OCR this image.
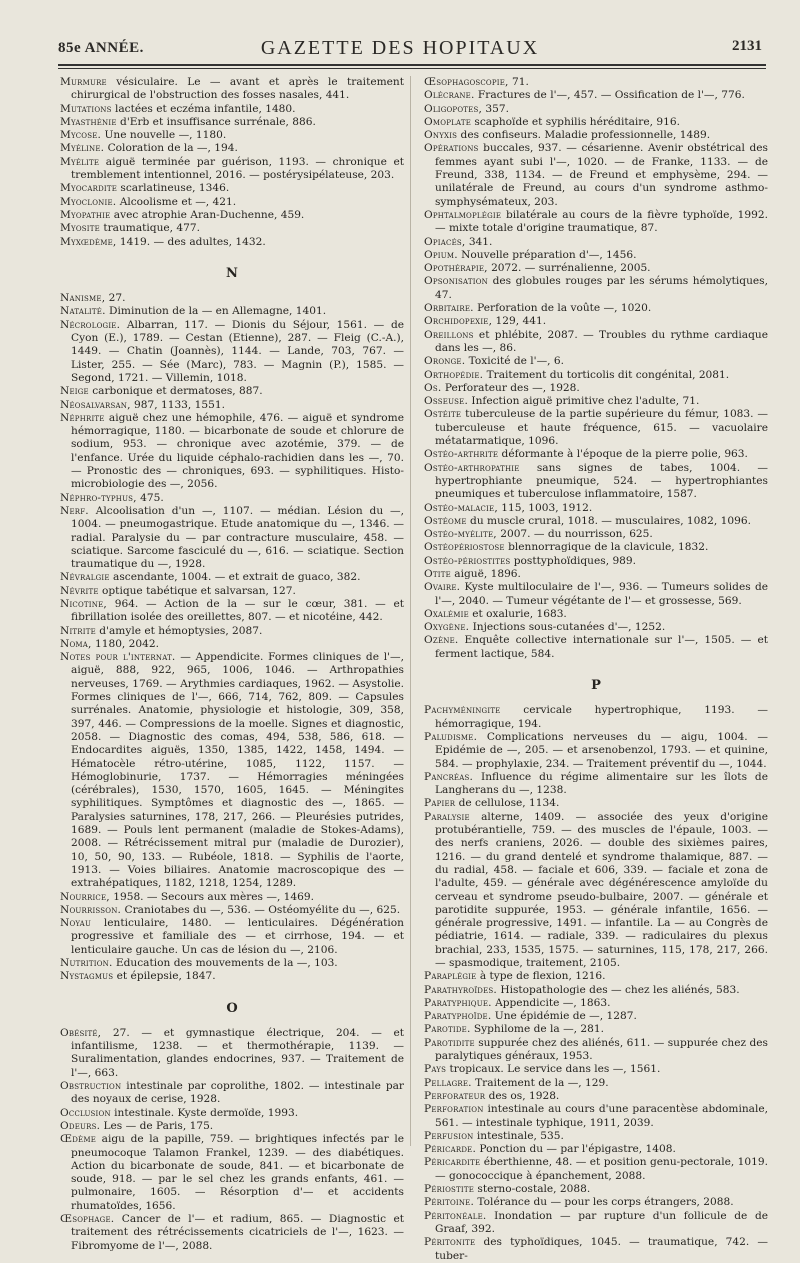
85e ANNÉE.	GAZETTE DES HOPITAUX	2131

Murmure vésiculaire. Le — avant et après le traitement chirurgical de l'obstruction des fosses nasales, 441.

Mutations lactées et eczéma infantile, 1480.

Myasthénie d'Erb et insuffisance surrénale, 886.

Mycose. Une nouvelle —, 1180.

Myéline. Coloration de la —, 194.

Myélite aiguë terminée par guérison, 1193. — chronique et tremblement intentionnel, 2016. — postérysipélateuse, 203.

Myocardite scarlatineuse, 1346.

Myoclonie. Alcoolisme et —, 421.

Myopathie avec atrophie Aran-Duchenne, 459.

Myosite traumatique, 477.

Myxœdème, 1419. — des adultes, 1432.

N

Nanisme, 27.

Natalité. Diminution de la — en Allemagne, 1401.

Nécrologie. Albarran, 117. — Dionis du Séjour, 1561. — de Cyon (E.), 1789. — Cestan (Etienne), 287. — Fleig (C.-A.), 1449. — Chatin (Joannès), 1144. — Lande, 703, 767. — Lister, 255. — Sée (Marc), 783. — Magnin (P.), 1585. — Segond, 1721. — Villemin, 1018.

Neige carbonique et dermatoses, 887.

Néosalvarsan, 987, 1133, 1551.

Néphrite aiguë chez une hémophile, 476. — aiguë et syndrome hémorragique, 1180. — bicarbonate de soude et chlorure de sodium, 953. — chronique avec azotémie, 379. — de l'enfance. Urée du liquide céphalo-rachidien dans les —, 70. — Pronostic des — chroniques, 693. — syphilitiques. Histo-microbiologie des —, 2056.

Néphro-typhus, 475.

Nerf. Alcoolisation d'un —, 1107. — médian. Lésion du —, 1004. — pneumogastrique. Etude anatomique du —, 1346. — radial. Paralysie du — par contracture musculaire, 458. — sciatique. Sarcome fasciculé du —, 616. — sciatique. Section traumatique du —, 1928.

Névralgie ascendante, 1004. — et extrait de guaco, 382.

Névrite optique tabétique et salvarsan, 127.

Nicotine, 964. — Action de la — sur le cœur, 381. — et fibrillation isolée des oreillettes, 807. — et nicotéine, 442.

Nitrite d'amyle et hémoptysies, 2087.

Noma, 1180, 2042.

Notes pour l'internat. — Appendicite. Formes cliniques de l'—, aiguë, 888, 922, 965, 1006, 1046. — Arthropathies nerveuses, 1769. — Arythmies cardiaques, 1962. — Asystolie. Formes cliniques de l'—, 666, 714, 762, 809. — Capsules surrénales. Anatomie, physiologie et histologie, 309, 358, 397, 446. — Compressions de la moelle. Signes et diagnostic, 2058. — Diagnostic des comas, 494, 538, 586, 618. — Endocardites aiguës, 1350, 1385, 1422, 1458, 1494. — Hématocèle rétro-utérine, 1085, 1122, 1157. — Hémoglobinurie, 1737. — Hémorragies méningées (cérébrales), 1530, 1570, 1605, 1645. — Méningites syphilitiques. Symptômes et diagnostic des —, 1865. — Paralysies saturnines, 178, 217, 266. — Pleurésies putrides, 1689. — Pouls lent permanent (maladie de Stokes-Adams), 2008. — Rétrécissement mitral pur (maladie de Durozier), 10, 50, 90, 133. — Rubéole, 1818. — Syphilis de l'aorte, 1913. — Voies biliaires. Anatomie macroscopique des — extrahépatiques, 1182, 1218, 1254, 1289.

Nourrice, 1958. — Secours aux mères —, 1469.

Nourrisson. Craniotabes du —, 536. — Ostéomyélite du —, 625.

Noyau lenticulaire, 1480. — lenticulaires. Dégénération progressive et familiale des — et cirrhose, 194. — et lenticulaire gauche. Un cas de lésion du —, 2106.

Nutrition. Education des mouvements de la —, 103.

Nystagmus et épilepsie, 1847.

O

Obésité, 27. — et gymnastique électrique, 204. — et infantilisme, 1238. — et thermothérapie, 1139. — Suralimentation, glandes endocrines, 937. — Traitement de l'—, 663.

Obstruction intestinale par coprolithe, 1802. — intestinale par des noyaux de cerise, 1928.

Occlusion intestinale. Kyste dermoïde, 1993.

Odeurs. Les — de Paris, 175.

Œdème aigu de la papille, 759. — brightiques infectés par le pneumocoque Talamon Frankel, 1239. — des diabétiques. Action du bicarbonate de soude, 841. — et bicarbonate de soude, 918. — par le sel chez les grands enfants, 461. — pulmonaire, 1605. — Résorption d'— et accidents rhumatoïdes, 1656.

Œsophage. Cancer de l'— et radium, 865. — Diagnostic et traitement des rétrécissements cicatriciels de l'—, 1623. — Fibromyome de l'—, 2088.

Œsophagoscopie, 71.

Olécrane. Fractures de l'—, 457. — Ossification de l'—, 776.

Oligopotes, 357.

Omoplate scaphoïde et syphilis héréditaire, 916.

Onyxis des confiseurs. Maladie professionnelle, 1489.

Opérations buccales, 937. — césarienne. Avenir obstétrical des femmes ayant subi l'—, 1020. — de Franke, 1133. — de Freund, 338, 1134. — de Freund et emphysème, 294. — unilatérale de Freund, au cours d'un syndrome asthmo-symphysémateux, 203.

Ophtalmoplégie bilatérale au cours de la fièvre typhoïde, 1992. — mixte totale d'origine traumatique, 87.

Opiacés, 341.

Opium. Nouvelle préparation d'—, 1456.

Opothérapie, 2072. — surrénalienne, 2005.

Opsonisation des globules rouges par les sérums hémolytiques, 47.

Orbitaire. Perforation de la voûte —, 1020.

Orchidopexie, 129, 441.

Oreillons et phlébite, 2087. — Troubles du rythme cardiaque dans les —, 86.

Oronge. Toxicité de l'—, 6.

Orthopédie. Traitement du torticolis dit congénital, 2081.

Os. Perforateur des —, 1928.

Osseuse. Infection aiguë primitive chez l'adulte, 71.

Ostéite tuberculeuse de la partie supérieure du fémur, 1083. — tuberculeuse et haute fréquence, 615. — vacuolaire métatarmatique, 1096.

Ostéo-arthrite déformante à l'époque de la pierre polie, 963.

Ostéo-arthropathie sans signes de tabes, 1004. — hypertrophiante pneumique, 524. — hypertrophiantes pneumiques et tuberculose inflammatoire, 1587.

Ostéo-malacie, 115, 1003, 1912.

Ostéome du muscle crural, 1018. — musculaires, 1082, 1096.

Ostéo-myélite, 2007. — du nourrisson, 625.

Ostéopériostose blennorragique de la clavicule, 1832.

Ostéo-périostites posttyphoïdiques, 989.

Otite aiguë, 1896.

Ovaire. Kyste multiloculaire de l'—, 936. — Tumeurs solides de l'—, 2040. — Tumeur végétante de l'— et grossesse, 569.

Oxalémie et oxalurie, 1683.

Oxygène. Injections sous-cutanées d'—, 1252.

Ozène. Enquête collective internationale sur l'—, 1505. — et ferment lactique, 584.

P

Pachyméningite cervicale hypertrophique, 1193. — hémorragique, 194.

Paludisme. Complications nerveuses du — aigu, 1004. — Epidémie de —, 205. — et arsenobenzol, 1793. — et quinine, 584. — prophylaxie, 234. — Traitement préventif du —, 1044.

Pancréas. Influence du régime alimentaire sur les îlots de Langherans du —, 1238.

Papier de cellulose, 1134.

Paralysie alterne, 1409. — associée des yeux d'origine protubérantielle, 759. — des muscles de l'épaule, 1003. — des nerfs craniens, 2026. — double des sixièmes paires, 1216. — du grand dentelé et syndrome thalamique, 887. — du radial, 458. — faciale et 606, 339. — faciale et zona de l'adulte, 459. — générale avec dégénérescence amyloïde du cerveau et syndrome pseudo-bulbaire, 2007. — générale et parotidite suppurée, 1953. — générale infantile, 1656. — générale progressive, 1491. — infantile. La — au Congrès de pédiatrie, 1614. — radiale, 339. — radiculaires du plexus brachial, 233, 1535, 1575. — saturnines, 115, 178, 217, 266. — spasmodique, traitement, 2105.

Paraplégie à type de flexion, 1216.

Parathyroïdes. Histopathologie des — chez les aliénés, 583.

Paratyphique. Appendicite —, 1863.

Paratyphoïde. Une épidémie de —, 1287.

Parotide. Syphilome de la —, 281.

Parotidite suppurée chez des aliénés, 611. — suppurée chez des paralytiques généraux, 1953.

Pays tropicaux. Le service dans les —, 1561.

Pellagre. Traitement de la —, 129.

Perforateur des os, 1928.

Perforation intestinale au cours d'une paracentèse abdominale, 561. — intestinale typhique, 1911, 2039.

Perfusion intestinale, 535.

Péricarde. Ponction du — par l'épigastre, 1408.

Péricardite éberthienne, 48. — et position genu-pectorale, 1019. — gonococcique à épanchement, 2088.

Périostite sterno-costale, 2088.

Péritoine. Tolérance du — pour les corps étrangers, 2088.

Péritonéale. Inondation — par rupture d'un follicule de de Graaf, 392.

Péritonite des typhoïdiques, 1045. — traumatique, 742. — tuber-
